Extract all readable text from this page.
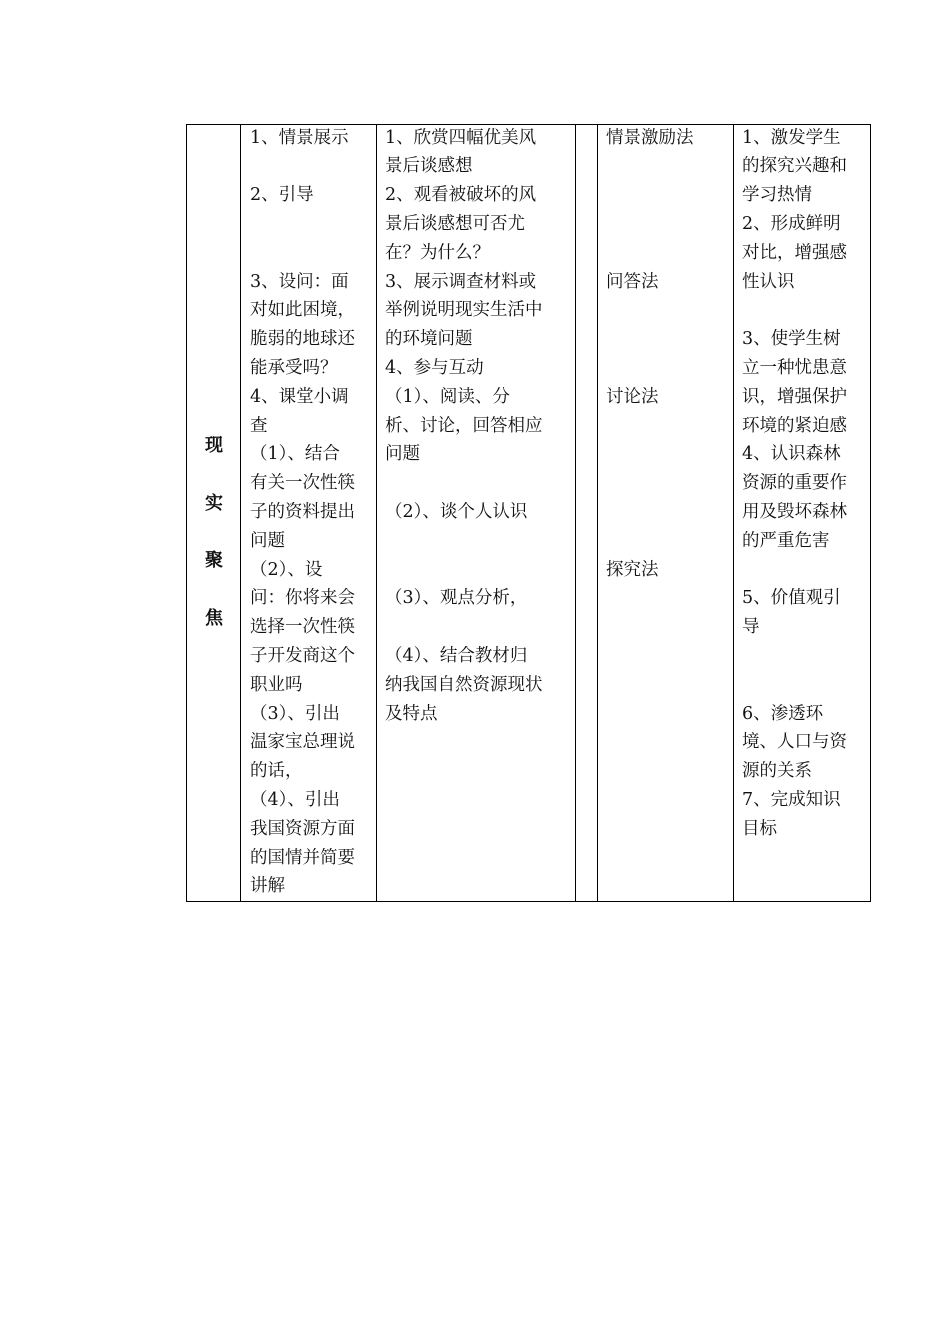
现
实
聚
焦
1、情景展示
2、引导
3、设问：面
对如此困境，
脆弱的地球还
能承受吗？
4、课堂小调
查
（1）、结合
有关一次性筷
子的资料提出
问题
（2）、设
问：你将来会
选择一次性筷
子开发商这个
职业吗
（3）、引出
温家宝总理说
的话，
（4）、引出
我国资源方面
的国情并简要
讲解
1、欣赏四幅优美风
景后谈感想
2、观看被破坏的风
景后谈感想可否尤
在？为什么？
3、展示调查材料或
举例说明现实生活中
的环境问题
4、参与互动
（1）、阅读、分
析、讨论，回答相应
问题
（2）、谈个人认识
（3）、观点分析，
（4）、结合教材归
纳我国自然资源现状
及特点
情景激励法
问答法
讨论法
探究法
1、激发学生
的探究兴趣和
学习热情
2、形成鲜明
对比，增强感
性认识
3、使学生树
立一种忧患意
识，增强保护
环境的紧迫感
4、认识森林
资源的重要作
用及毁坏森林
的严重危害
5、价值观引
导
6、渗透环
境、人口与资
源的关系
7、完成知识
目标
